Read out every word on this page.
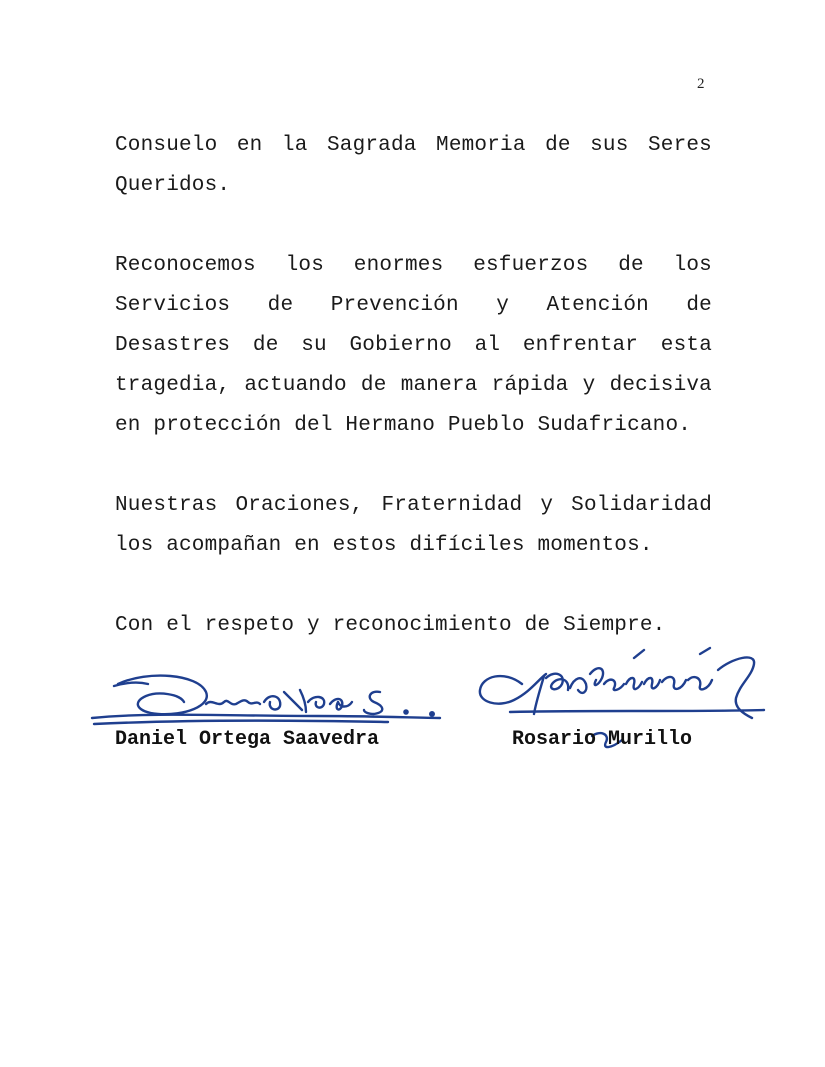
2

Consuelo en la Sagrada Memoria de sus Seres Queridos.

Reconocemos los enormes esfuerzos de los Servicios de Prevención y Atención de Desastres de su Gobierno al enfrentar esta tragedia, actuando de manera rápida y decisiva en protección del Hermano Pueblo Sudafricano.

Nuestras Oraciones, Fraternidad y Solidaridad los acompañan en estos difíciles momentos.

Con el respeto y reconocimiento de Siempre.

Daniel Ortega Saavedra	Rosario Murillo
